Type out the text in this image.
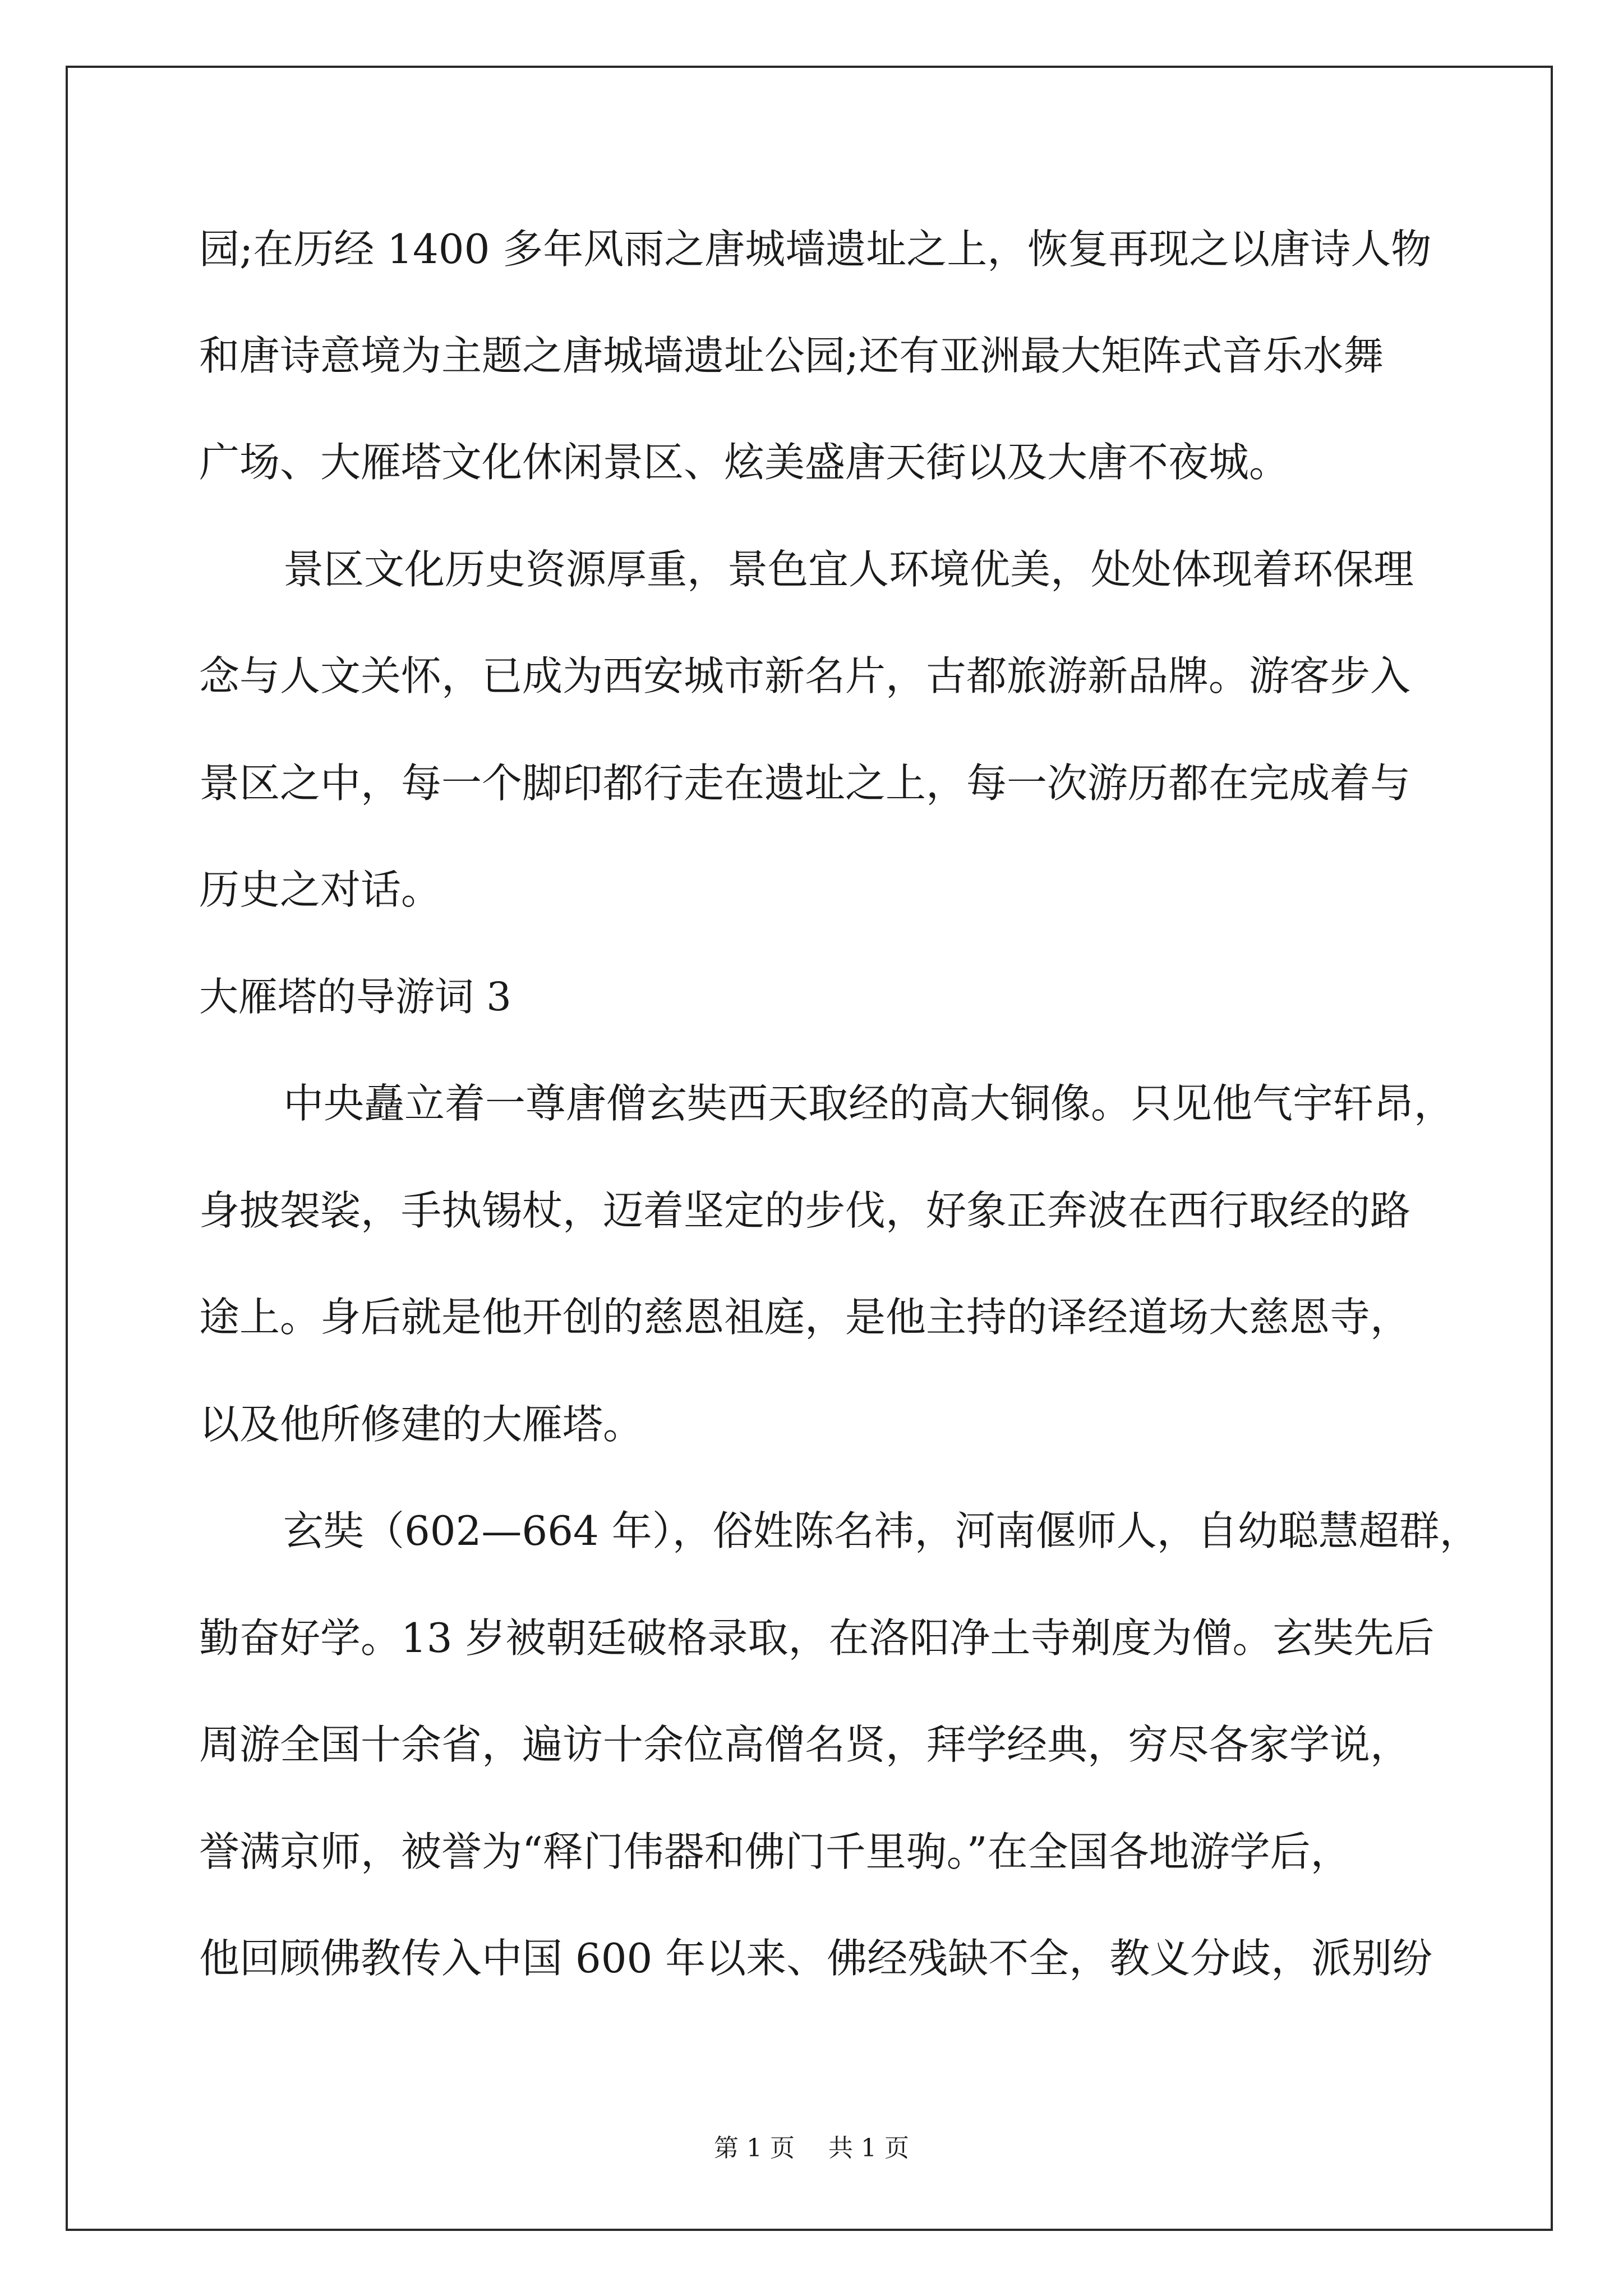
园;在历经 1400 多年风雨之唐城墙遗址之上，恢复再现之以唐诗人物

和唐诗意境为主题之唐城墙遗址公园;还有亚洲最大矩阵式音乐水舞

广场、大雁塔文化休闲景区、炫美盛唐天街以及大唐不夜城。

景区文化历史资源厚重，景色宜人环境优美，处处体现着环保理

念与人文关怀，已成为西安城市新名片，古都旅游新品牌。游客步入

景区之中，每一个脚印都行走在遗址之上，每一次游历都在完成着与

历史之对话。

大雁塔的导游词 3

中央矗立着一尊唐僧玄奘西天取经的高大铜像。只见他气宇轩昂，

身披袈裟，手执锡杖，迈着坚定的步伐，好象正奔波在西行取经的路

途上。身后就是他开创的慈恩祖庭，是他主持的译经道场大慈恩寺，

以及他所修建的大雁塔。

玄奘（602—664 年），俗姓陈名祎，河南偃师人，自幼聪慧超群，

勤奋好学。13 岁被朝廷破格录取，在洛阳净土寺剃度为僧。玄奘先后

周游全国十余省，遍访十余位高僧名贤，拜学经典，穷尽各家学说，

誉满京师，被誉为“释门伟器和佛门千里驹。”在全国各地游学后，

他回顾佛教传入中国 600 年以来、佛经残缺不全，教义分歧，派别纷

第 1 页 共 1 页
